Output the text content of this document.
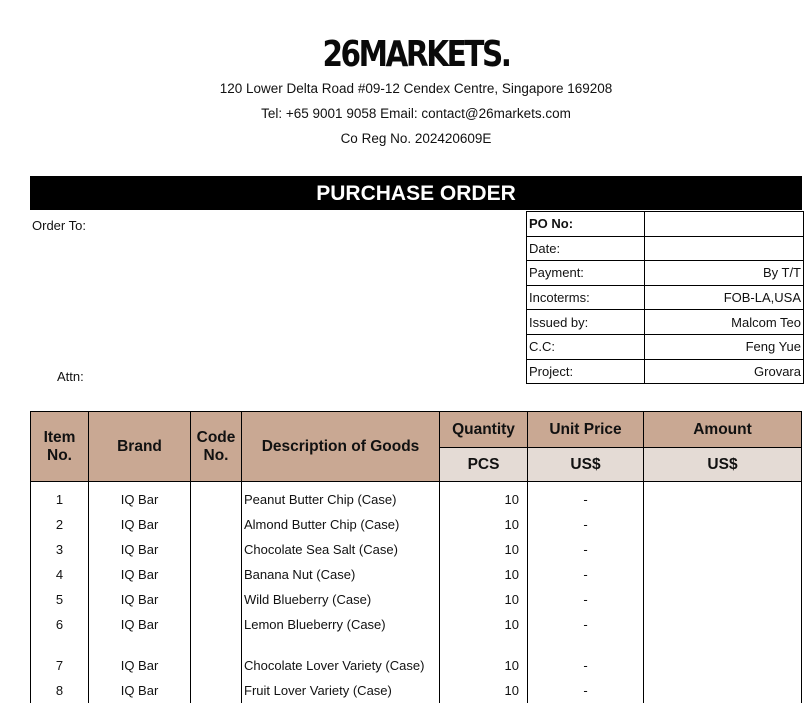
26MARKETS.
120 Lower Delta Road #09-12 Cendex Centre, Singapore 169208
Tel: +65 9001 9058 Email: contact@26markets.com
Co Reg No. 202420609E
PURCHASE ORDER
Order To:
Attn:
PO No:	
Date:	
Payment:	By T/T
Incoterms:	FOB-LA,USA
Issued by:	Malcom Teo
C.C:	Feng Yue
Project:	Grovara
Item No.	Brand	Code No.	Description of Goods	Quantity	Unit Price	Amount
				PCS	US$	US$

1	IQ Bar		Peanut Butter Chip (Case)	10	-	
2	IQ Bar		Almond Butter Chip (Case)	10	-	
3	IQ Bar		Chocolate Sea Salt (Case)	10	-	
4	IQ Bar		Banana Nut (Case)	10	-	
5	IQ Bar		Wild Blueberry (Case)	10	-	
6	IQ Bar		Lemon Blueberry (Case)	10	-	

7	IQ Bar		Chocolate Lover Variety (Case)	10	-	
8	IQ Bar		Fruit Lover Variety (Case)	10	-	
